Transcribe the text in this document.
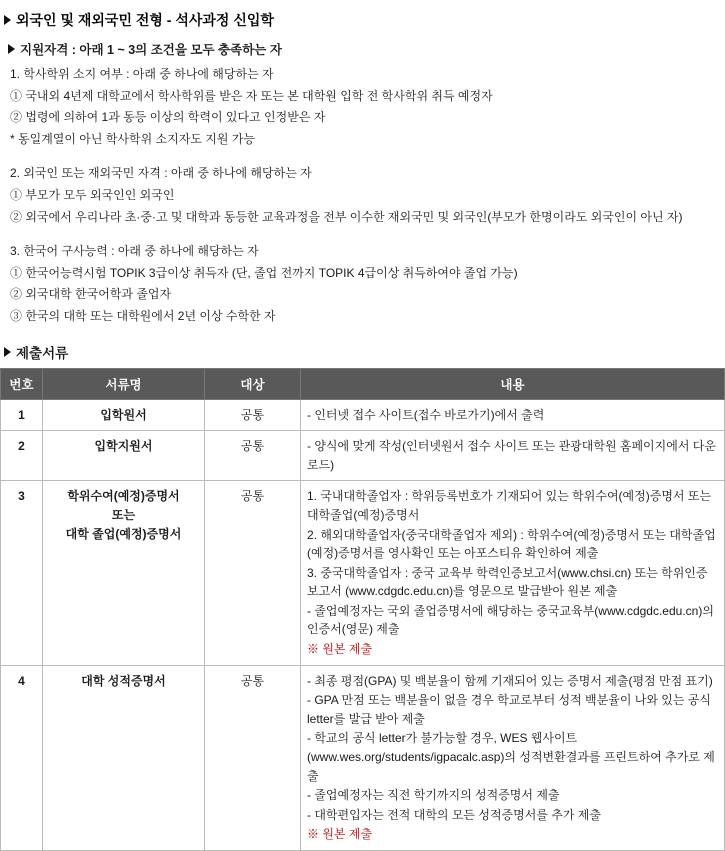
외국인 및 재외국민 전형 - 석사과정 신입학
지원자격 : 아래 1 ~ 3의 조건을 모두 충족하는 자
1. 학사학위 소지 여부 : 아래 중 하나에 해당하는 자
① 국내외 4년제 대학교에서 학사학위를 받은 자 또는 본 대학원 입학 전 학사학위 취득 예정자
② 법령에 의하여 1과 동등 이상의 학력이 있다고 인정받은 자
* 동일계열이 아닌 학사학위 소지자도 지원 가능
2. 외국인 또는 재외국민 자격 : 아래 중 하나에 해당하는 자
① 부모가 모두 외국인인 외국인
② 외국에서 우리나라 초·중·고 및 대학과 동등한 교육과정을 전부 이수한 재외국민 및 외국인(부모가 한명이라도 외국인이 아닌 자)
3. 한국어 구사능력 : 아래 중 하나에 해당하는 자
① 한국어능력시험 TOPIK 3급이상 취득자 (단, 졸업 전까지 TOPIK 4급이상 취득하여야 졸업 가능)
② 외국대학 한국어학과 졸업자
③ 한국의 대학 또는 대학원에서 2년 이상 수학한 자
제출서류
번호	서류명	대상	내용
1	입학원서	공통	- 인터넷 접수 사이트(접수 바로가기)에서 출력

2	입학지원서	공통	- 양식에 맞게 작성(인터넷원서 접수 사이트 또는 관광대학원 홈페이지에서 다운로드)

3	학위수여(예정)증명서
또는
대학 졸업(예정)증명서	공통	1. 국내대학졸업자 : 학위등록번호가 기재되어 있는 학위수여(예정)증명서 또는 대학졸업(예정)증명서
2. 해외대학졸업자(중국대학졸업자 제외) : 학위수여(예정)증명서 또는 대학졸업(예정)증명서를 영사확인 또는 아포스티유 확인하여 제출
3. 중국대학졸업자 : 중국 교육부 학력인증보고서(www.chsi.cn) 또는 학위인증보고서 (www.cdgdc.edu.cn)를 영문으로 발급받아 원본 제출
- 졸업예정자는 국외 졸업증명서에 해당하는 중국교육부(www.cdgdc.edu.cn)의 인증서(영문) 제출
※ 원본 제출

4	대학 성적증명서	공통	- 최종 평점(GPA) 및 백분율이 함께 기재되어 있는 증명서 제출(평점 만점 표기)
- GPA 만점 또는 백분율이 없을 경우 학교로부터 성적 백분율이 나와 있는 공식 letter를 발급 받아 제출
- 학교의 공식 letter가 불가능할 경우, WES 웹사이트(www.wes.org/students/igpacalc.asp)의 성적변환결과를 프린트하여 추가로 제출
- 졸업예정자는 직전 학기까지의 성적증명서 제출
- 대학편입자는 전적 대학의 모든 성적증명서를 추가 제출
※ 원본 제출
